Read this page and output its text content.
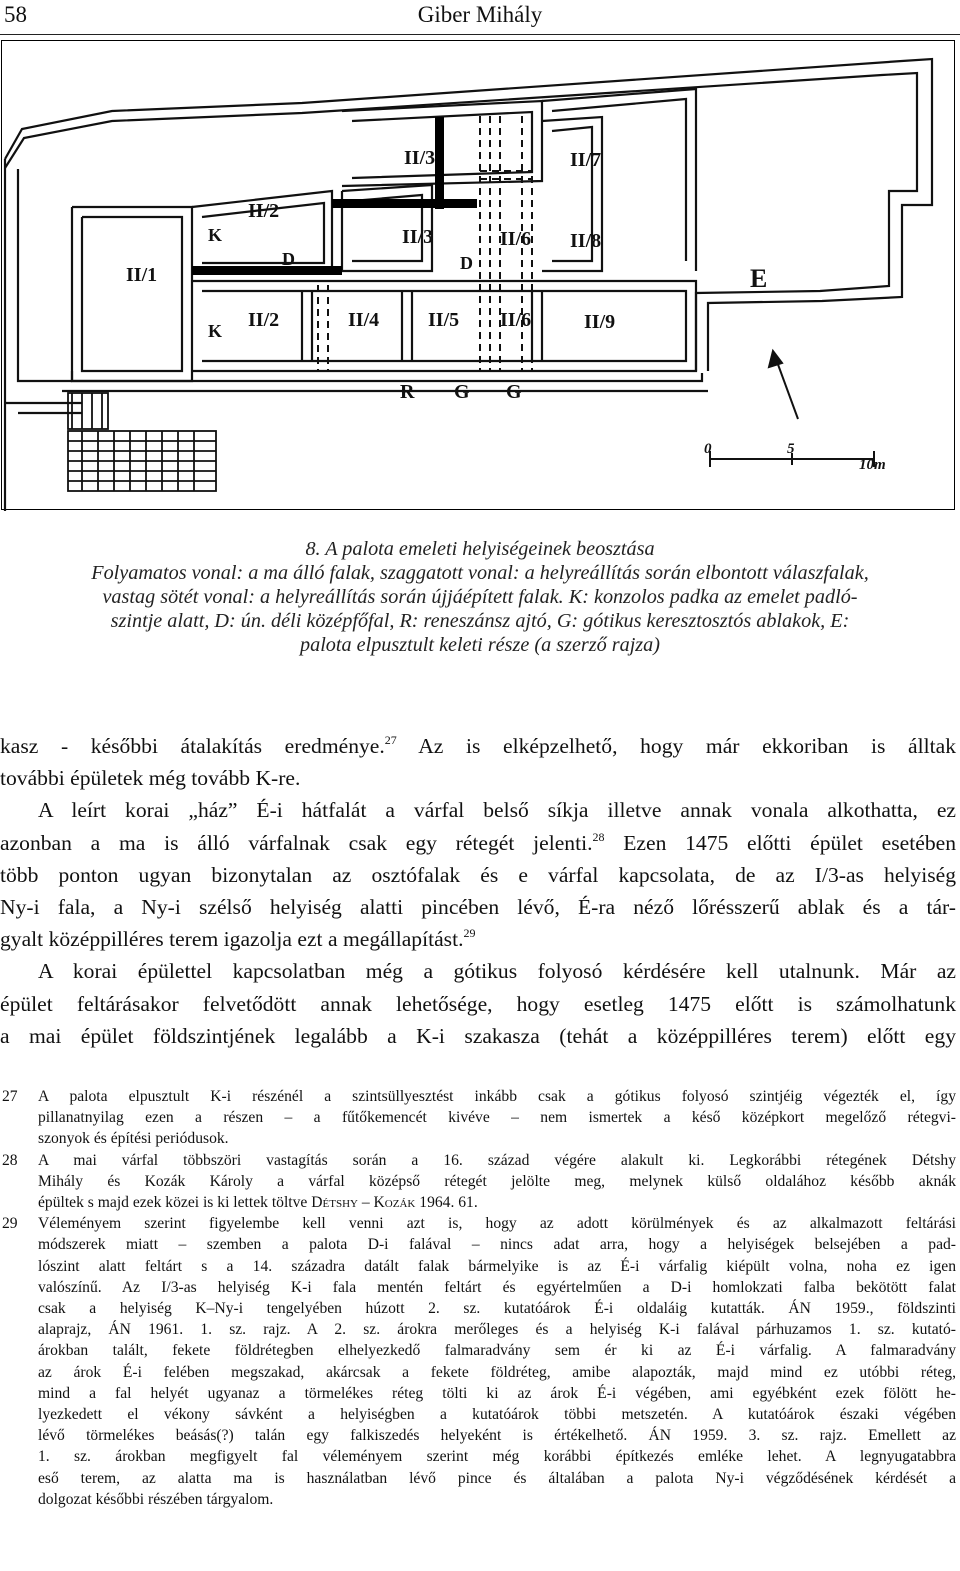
58	Giber Mihály
II/1
II/2
II/2
II/3
II/3
II/4 II/5
II/6
II/6
II/7
II/8
II/9
K
K
D	D
E
R G G
0	5
10m
8. A palota emeleti helyiségeinek beosztása
Folyamatos vonal: a ma álló falak, szaggatott vonal: a helyreállítás során elbontott válaszfalak,
vastag sötét vonal: a helyreállítás során újjáépített falak. K: konzolos padka az emelet padló-
szintje alatt, D: ún. déli középfőfal, R: reneszánsz ajtó, G: gótikus keresztosztós ablakok, E:
palota elpusztult keleti része (a szerző rajza)
kasz - későbbi átalakítás eredménye.$^{27}$ Az is elképzelhető, hogy már ekkoriban is álltak
további épületek még tovább K-re.
A leírt korai „ház” É-i hátfalát a várfal belső síkja illetve annak vonala alkothatta, ez
azonban a ma is álló várfalnak csak egy rétegét jelenti.$^{28}$ Ezen 1475 előtti épület esetében
több ponton ugyan bizonytalan az osztófalak és e várfal kapcsolata, de az I/3-as helyiség
Ny-i fala, a Ny-i szélső helyiség alatti pincében lévő, É-ra néző lőrésszerű ablak és a tár-
gyalt középpilléres terem igazolja ezt a megállapítást.$^{29}$
A korai épülettel kapcsolatban még a gótikus folyosó kérdésére kell utalnunk. Már az
épület feltárásakor felvetődött annak lehetősége, hogy esetleg 1475 előtt is számolhatunk
a mai épület földszintjének legalább a K-i szakasza (tehát a középpilléres terem) előtt egy
27 A palota elpusztult K-i részénél a szintsüllyesztést inkább csak a gótikus folyosó szintjéig végezték el, így
pillanatnyilag ezen a részen – a fűtőkemencét kivéve – nem ismertek a késő középkort megelőző rétegvi-
szonyok és építési periódusok.
28 A mai várfal többszöri vastagítás során a 16. század végére alakult ki. Legkorábbi rétegének Détshy
Mihály és Kozák Károly a várfal középső rétegét jelölte meg, melynek külső oldalához később aknák
épültek s majd ezek közei is ki lettek töltve Détshy – Kozák 1964. 61.
29 Véleményem szerint figyelembe kell venni azt is, hogy az adott körülmények és az alkalmazott feltárási
módszerek miatt – szemben a palota D-i falával – nincs adat arra, hogy a helyiségek belsejében a pad-
lószint alatt feltárt s a 14. századra datált falak bármelyike is az É-i várfalig kiépült volna, noha ez igen
valószínű. Az I/3-as helyiség K-i fala mentén feltárt és egyértelműen a D-i homlokzati falba bekötött falat
csak a helyiség K–Ny-i tengelyében húzott 2. sz. kutatóárok É-i oldaláig kutatták. ÁN 1959., földszinti
alaprajz, ÁN 1961. 1. sz. rajz. A 2. sz. árokra merőleges és a helyiség K-i falával párhuzamos 1. sz. kutató-
árokban talált, fekete földrétegben elhelyezkedő falmaradvány sem ér ki az É-i várfalig. A falmaradvány
az árok É-i felében megszakad, akárcsak a fekete földréteg, amibe alapozták, majd mind ez utóbbi réteg,
mind a fal helyét ugyanaz a törmelékes réteg tölti ki az árok É-i végében, ami egyébként ezek fölött he-
lyezkedett el vékony sávként a helyiségben a kutatóárok többi metszetén. A kutatóárok északi végében
lévő törmelékes beásás(?) talán egy falkiszedés helyeként is értékelhető. ÁN 1959. 3. sz. rajz. Emellett az
1. sz. árokban megfigyelt fal véleményem szerint még korábbi építkezés emléke lehet. A legnyugatabbra
eső terem, az alatta ma is használatban lévő pince és általában a palota Ny-i végződésének kérdését a
dolgozat későbbi részében tárgyalom.
